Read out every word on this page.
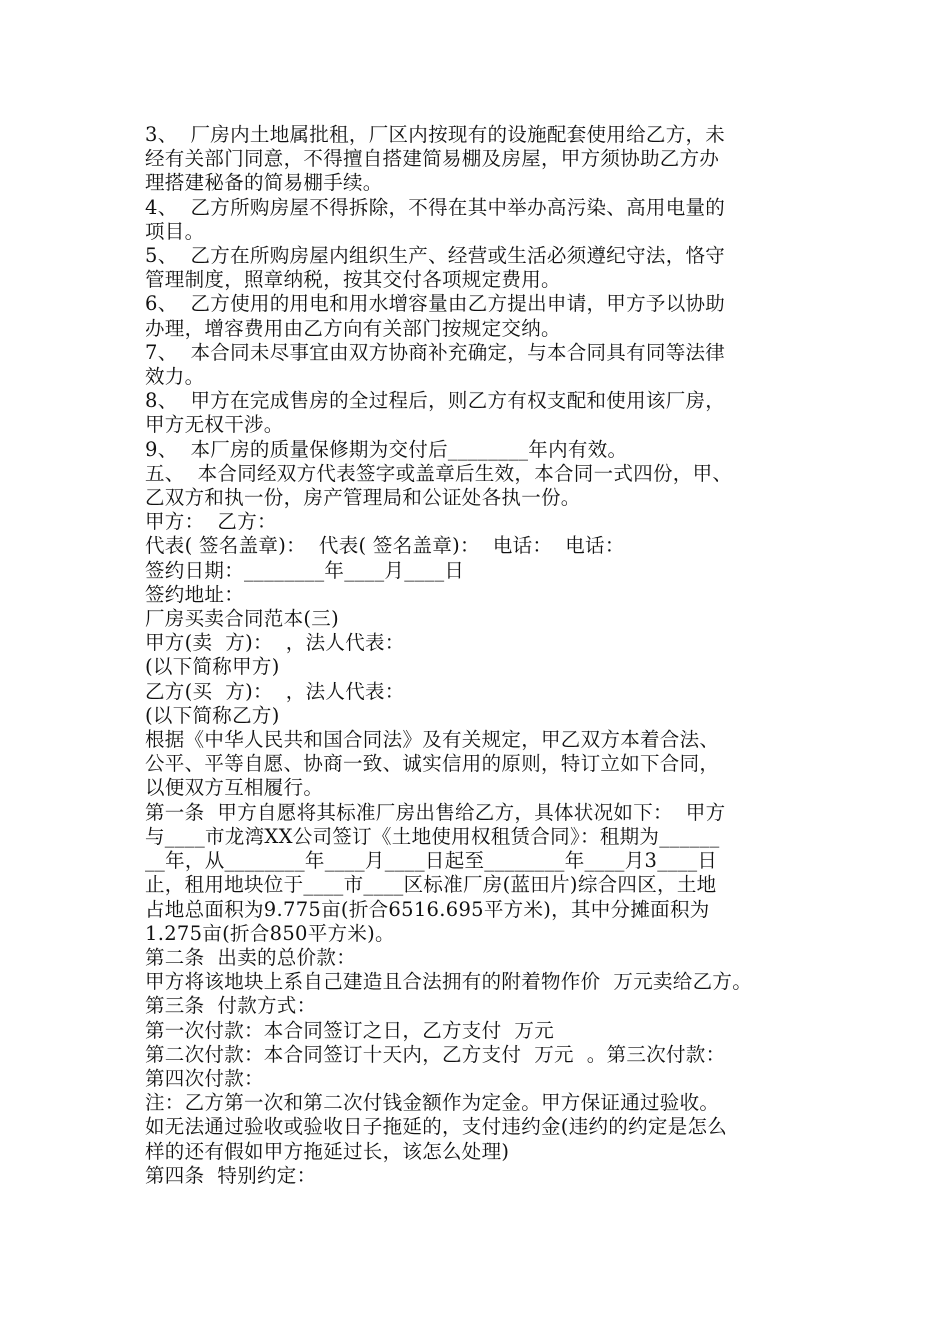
3、  厂房内土地属批租，厂区内按现有的设施配套使用给乙方，未

经有关部门同意，不得擅自搭建简易棚及房屋，甲方须协助乙方办

理搭建秘备的简易棚手续。

4、  乙方所购房屋不得拆除，不得在其中举办高污染、高用电量的

项目。

5、  乙方在所购房屋内组织生产、经营或生活必须遵纪守法，恪守

管理制度，照章纳税，按其交付各项规定费用。

6、  乙方使用的用电和用水增容量由乙方提出申请，甲方予以协助

办理，增容费用由乙方向有关部门按规定交纳。

7、  本合同未尽事宜由双方协商补充确定，与本合同具有同等法律

效力。

8、  甲方在完成售房的全过程后，则乙方有权支配和使用该厂房，

甲方无权干涉。

9、  本厂房的质量保修期为交付后________年内有效。

五、  本合同经双方代表签字或盖章后生效，本合同一式四份，甲、

乙双方和执一份，房产管理局和公证处各执一份。

甲方：  乙方：

代表( 签名盖章)：  代表( 签名盖章)：  电话：  电话：

签约日期：________年____月____日

签约地址：

厂房买卖合同范本(三)

甲方(卖  方)：  ，法人代表：

(以下简称甲方)

乙方(买  方)：  ，法人代表：

(以下简称乙方)

根据《中华人民共和国合同法》及有关规定，甲乙双方本着合法、

公平、平等自愿、协商一致、诚实信用的原则，特订立如下合同，

以便双方互相履行。

第一条  甲方自愿将其标准厂房出售给乙方，具体状况如下：  甲方

与____市龙湾XX公司签订《土地使用权租赁合同》：租期为______

__年，从________年____月____日起至________年____月3____日

止，租用地块位于____市____区标准厂房(蓝田片)综合四区，土地

占地总面积为9.775亩(折合6516.695平方米)，其中分摊面积为

1.275亩(折合850平方米)。

第二条  出卖的总价款：

甲方将该地块上系自己建造且合法拥有的附着物作价  万元卖给乙方。

第三条  付款方式：

第一次付款：本合同签订之日，乙方支付  万元

第二次付款：本合同签订十天内，乙方支付  万元  。第三次付款：

第四次付款：

注：乙方第一次和第二次付钱金额作为定金。甲方保证通过验收。

如无法通过验收或验收日子拖延的，支付违约金(违约的约定是怎么

样的还有假如甲方拖延过长，该怎么处理)

第四条  特别约定：
